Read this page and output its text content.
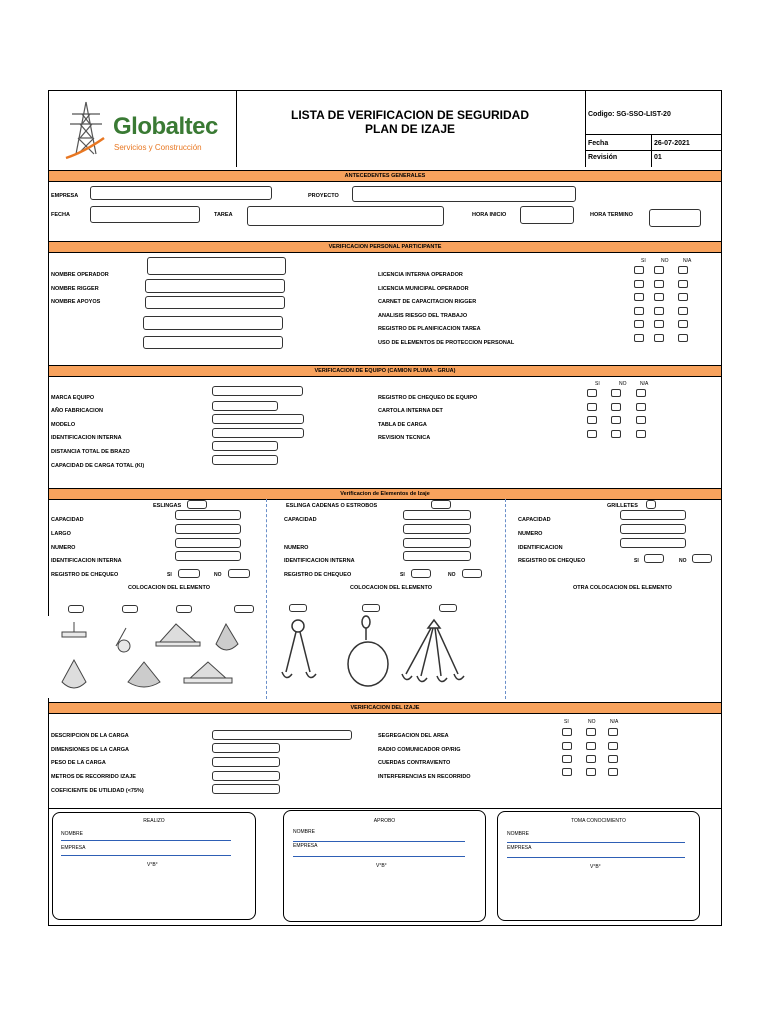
Globaltec
Servicios y Construcción
LISTA DE VERIFICACION DE SEGURIDAD
PLAN DE IZAJE
Codigo: SG-SSO-LIST-20
Fecha	26-07-2021
Revisión	01
ANTECEDENTES GENERALES
EMPRESA	PROYECTO
FECHA	TAREA	HORA INICIO	HORA TERMINO
VERIFICACION PERSONAL PARTICIPANTE
SI	NO	N/A
NOMBRE OPERADOR
NOMBRE RIGGER
NOMBRE APOYOS
LICENCIA INTERNA OPERADOR
LICENCIA MUNICIPAL OPERADOR
CARNET DE CAPACITACION RIGGER
ANALISIS RIESGO DEL TRABAJO
REGISTRO DE PLANIFICACION TAREA
USO DE ELEMENTOS DE PROTECCION PERSONAL
VERIFICACION DE EQUIPO (CAMION PLUMA - GRUA)
SI	NO	N/A
MARCA EQUIPO
AÑO FABRICACION
MODELO
IDENTIFICACION INTERNA
DISTANCIA TOTAL DE BRAZO
CAPACIDAD DE CARGA TOTAL (Kl)
REGISTRO DE CHEQUEO DE EQUIPO
CARTOLA INTERNA DET
TABLA DE CARGA
REVISION TECNICA
Verificacion de Elementos de Izaje
ESLINGAS
CAPACIDAD
LARGO
NUMERO
IDENTIFICACION INTERNA
REGISTRO DE CHEQUEO	SI	NO
COLOCACION DEL ELEMENTO
ESLINGA CADENAS O ESTROBOS
CAPACIDAD
NUMERO
IDENTIFICACION INTERNA
REGISTRO DE CHEQUEO	SI	NO
COLOCACION DEL ELEMENTO
GRILLETES
CAPACIDAD
NUMERO
IDENTIFICACION
REGISTRO DE CHEQUEO	SI	NO
OTRA COLOCACION DEL ELEMENTO
VERIFICACION DEL IZAJE
SI	NO	N/A
DESCRIPCION DE LA CARGA
DIMENSIONES DE LA CARGA
PESO DE LA CARGA
METROS DE RECORRIDO IZAJE
COEFICIENTE DE UTILIDAD (<75%)
SEGREGACION DEL AREA
RADIO COMUNICADOR OP/RIG
CUERDAS CONTRAVIENTO
INTERFERENCIAS EN RECORRIDO
REALIZO
NOMBRE
EMPRESA
V°B°
APROBO
NOMBRE
EMPRESA
V°B°
TOMA CONOCIMIENTO
NOMBRE
EMPRESA
V°B°
